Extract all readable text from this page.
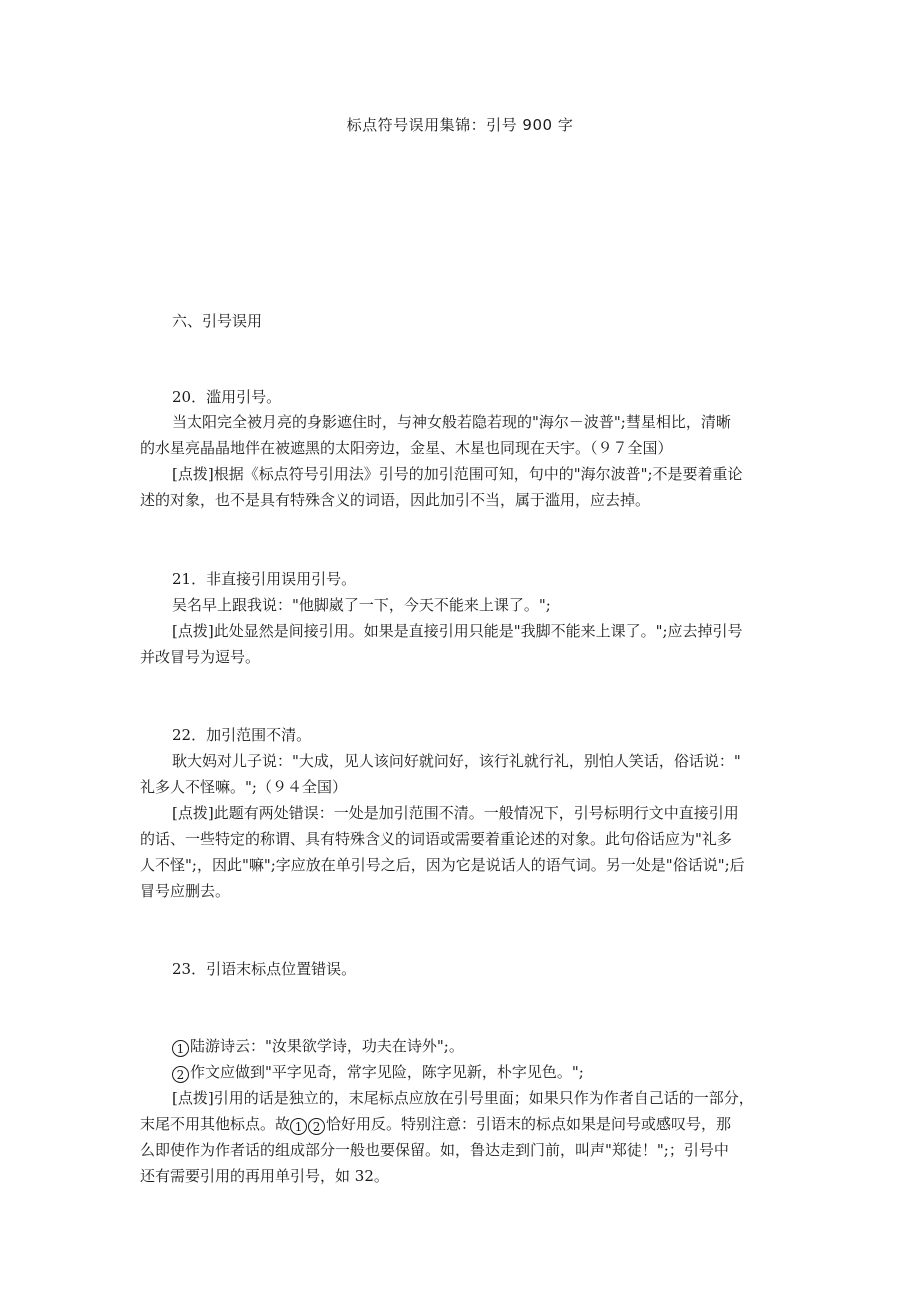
标点符号误用集锦：引号 900 字
六、引号误用
20．滥用引号。
当太阳完全被月亮的身影遮住时，与神女般若隐若现的"海尔－波普";彗星相比，清晰
的水星亮晶晶地伴在被遮黑的太阳旁边，金星、木星也同现在天宇。（９７全国）
[点拨]根据《标点符号引用法》引号的加引范围可知，句中的"海尔波普";不是要着重论
述的对象，也不是具有特殊含义的词语，因此加引不当，属于滥用，应去掉。
21．非直接引用误用引号。
吴名早上跟我说："他脚崴了一下，今天不能来上课了。";
[点拨]此处显然是间接引用。如果是直接引用只能是"我脚不能来上课了。";应去掉引号
并改冒号为逗号。
22．加引范围不清。
耿大妈对儿子说："大成，见人该问好就问好，该行礼就行礼，别怕人笑话，俗话说："
礼多人不怪嘛。";（９４全国）
[点拨]此题有两处错误：一处是加引范围不清。一般情况下，引号标明行文中直接引用
的话、一些特定的称谓、具有特殊含义的词语或需要着重论述的对象。此句俗话应为"礼多
人不怪";，因此"嘛";字应放在单引号之后，因为它是说话人的语气词。另一处是"俗话说";后
冒号应删去。
23．引语末标点位置错误。
1 陆游诗云："汝果欲学诗，功夫在诗外";。
2 作文应做到"平字见奇，常字见险，陈字见新，朴字见色。";
[点拨]引用的话是独立的，末尾标点应放在引号里面；如果只作为作者自己话的一部分，
末尾不用其他标点。故 1 2 恰好用反。特别注意：引语末的标点如果是问号或感叹号，那
么即使作为作者话的组成部分一般也要保留。如，鲁达走到门前，叫声"郑徒！";；引号中
还有需要引用的再用单引号，如 32。
